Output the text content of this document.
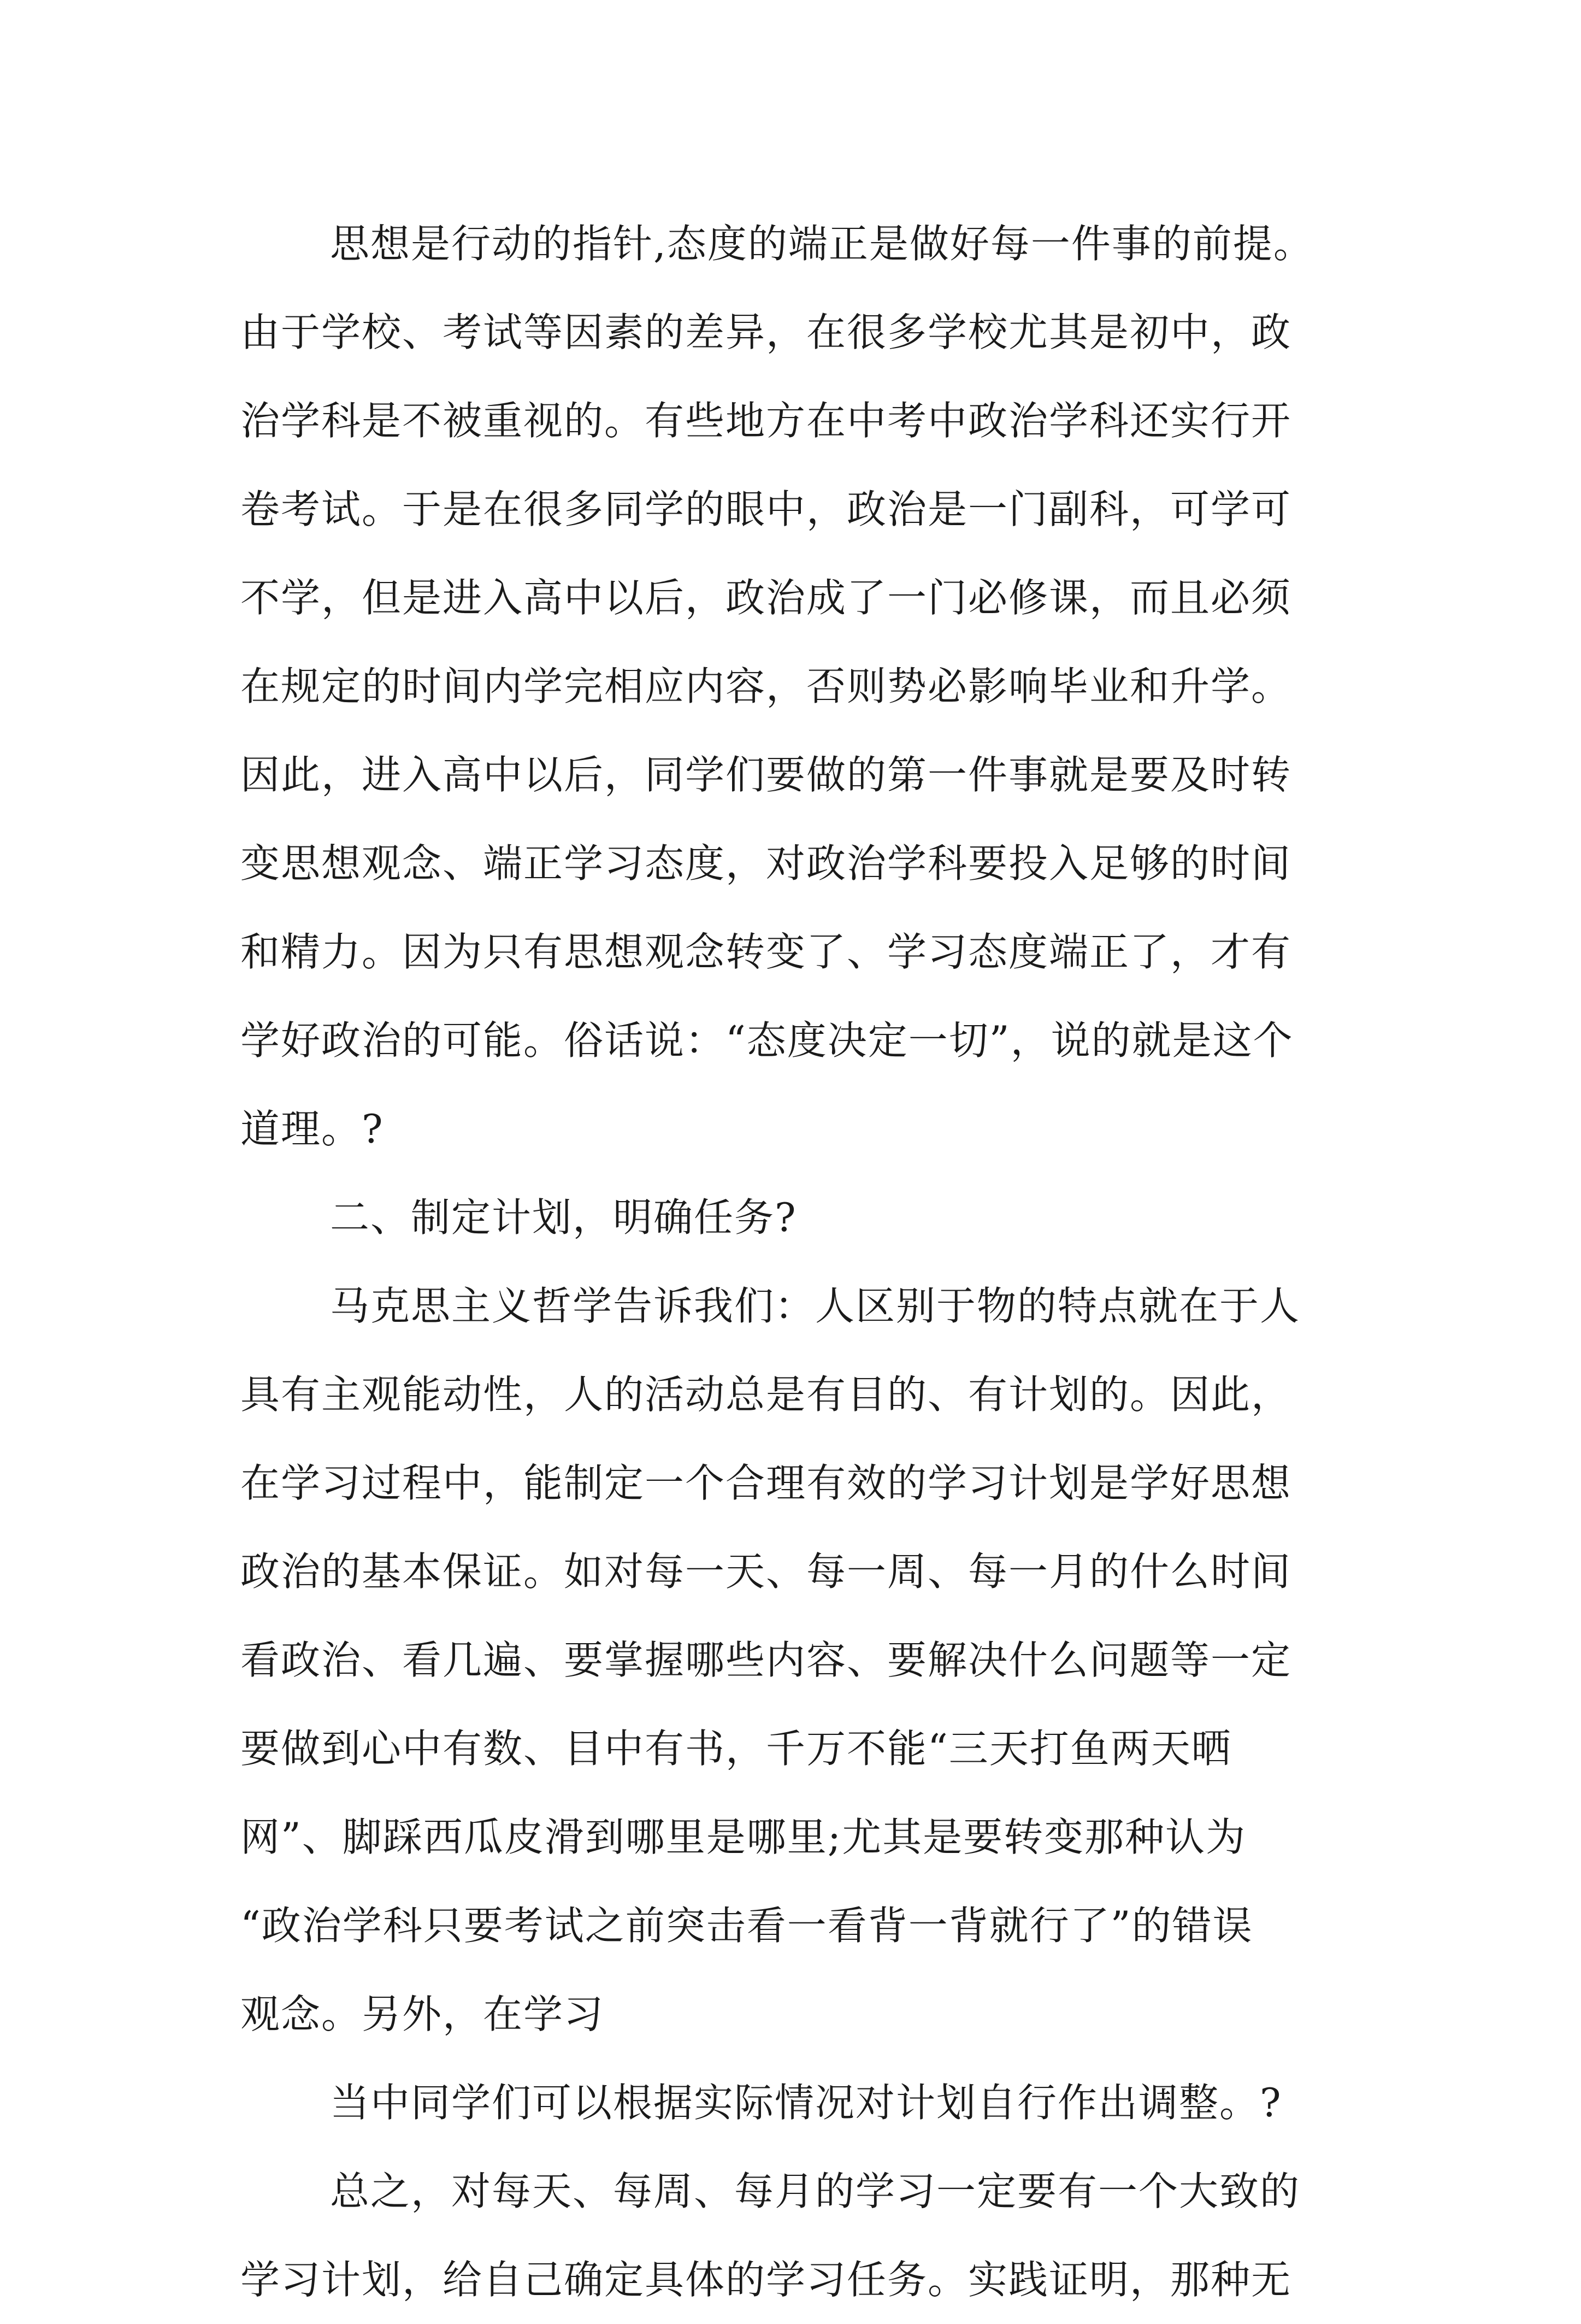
思想是行动的指针,态度的端正是做好每一件事的前提。
由于学校、考试等因素的差异，在很多学校尤其是初中，政
治学科是不被重视的。有些地方在中考中政治学科还实行开
卷考试。于是在很多同学的眼中，政治是一门副科，可学可
不学，但是进入高中以后，政治成了一门必修课，而且必须
在规定的时间内学完相应内容，否则势必影响毕业和升学。
因此，进入高中以后，同学们要做的第一件事就是要及时转
变思想观念、端正学习态度，对政治学科要投入足够的时间
和精力。因为只有思想观念转变了、学习态度端正了，才有
学好政治的可能。俗话说：“态度决定一切”，说的就是这个
道理。?
二、制定计划，明确任务?
马克思主义哲学告诉我们：人区别于物的特点就在于人
具有主观能动性，人的活动总是有目的、有计划的。因此，
在学习过程中，能制定一个合理有效的学习计划是学好思想
政治的基本保证。如对每一天、每一周、每一月的什么时间
看政治、看几遍、要掌握哪些内容、要解决什么问题等一定
要做到心中有数、目中有书，千万不能“三天打鱼两天晒
网”、脚踩西瓜皮滑到哪里是哪里;尤其是要转变那种认为
“政治学科只要考试之前突击看一看背一背就行了”的错误
观念。另外，在学习
当中同学们可以根据实际情况对计划自行作出调整。?
总之，对每天、每周、每月的学习一定要有一个大致的
学习计划，给自己确定具体的学习任务。实践证明，那种无
